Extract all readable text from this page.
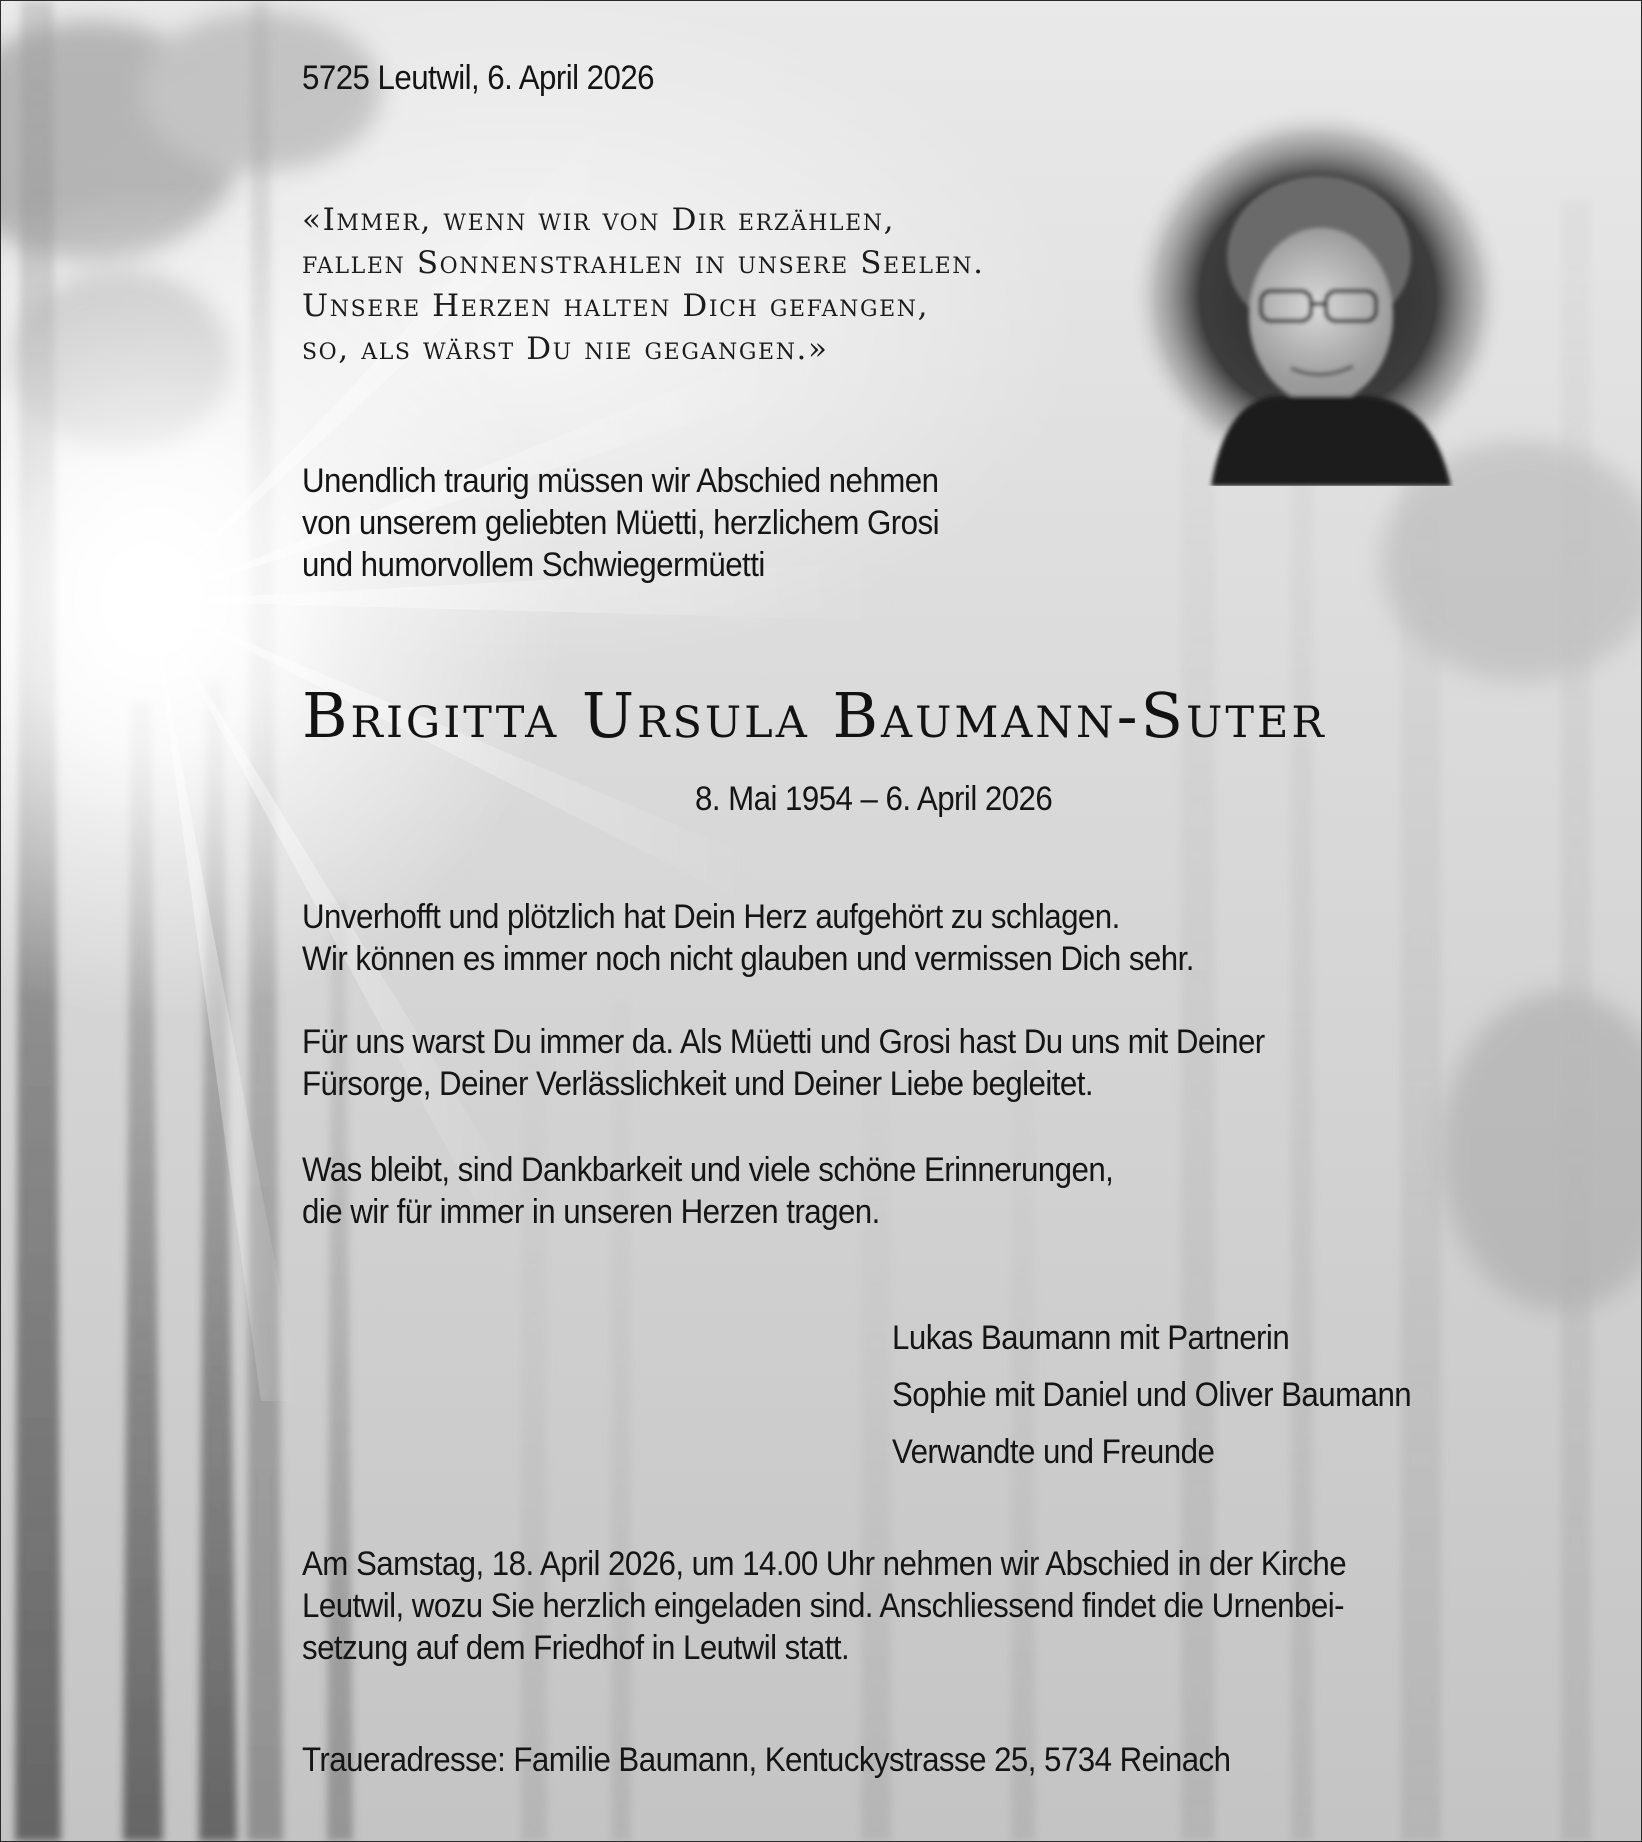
5725 Leutwil, 6. April 2026

«Immer, wenn wir von Dir erzählen,
fallen Sonnenstrahlen in unsere Seelen.
Unsere Herzen halten Dich gefangen,
so, als wärst Du nie gegangen.»
Unendlich traurig müssen wir Abschied nehmen
von unserem geliebten Müetti, herzlichem Grosi
und humorvollem Schwiegermüetti

Brigitta Ursula Baumann-Suter

8. Mai 1954 – 6. April 2026

Unverhofft und plötzlich hat Dein Herz aufgehört zu schlagen.
Wir können es immer noch nicht glauben und vermissen Dich sehr.
Für uns warst Du immer da. Als Müetti und Grosi hast Du uns mit Deiner
Fürsorge, Deiner Verlässlichkeit und Deiner Liebe begleitet.
Was bleibt, sind Dankbarkeit und viele schöne Erinnerungen,
die wir für immer in unseren Herzen tragen.
Lukas Baumann mit Partnerin
Sophie mit Daniel und Oliver Baumann
Verwandte und Freunde
Am Samstag, 18. April 2026, um 14.00 Uhr nehmen wir Abschied in der Kirche
Leutwil, wozu Sie herzlich eingeladen sind. Anschliessend findet die Urnenbei-
setzung auf dem Friedhof in Leutwil statt.

Traueradresse: Familie Baumann, Kentuckystrasse 25, 5734 Reinach
